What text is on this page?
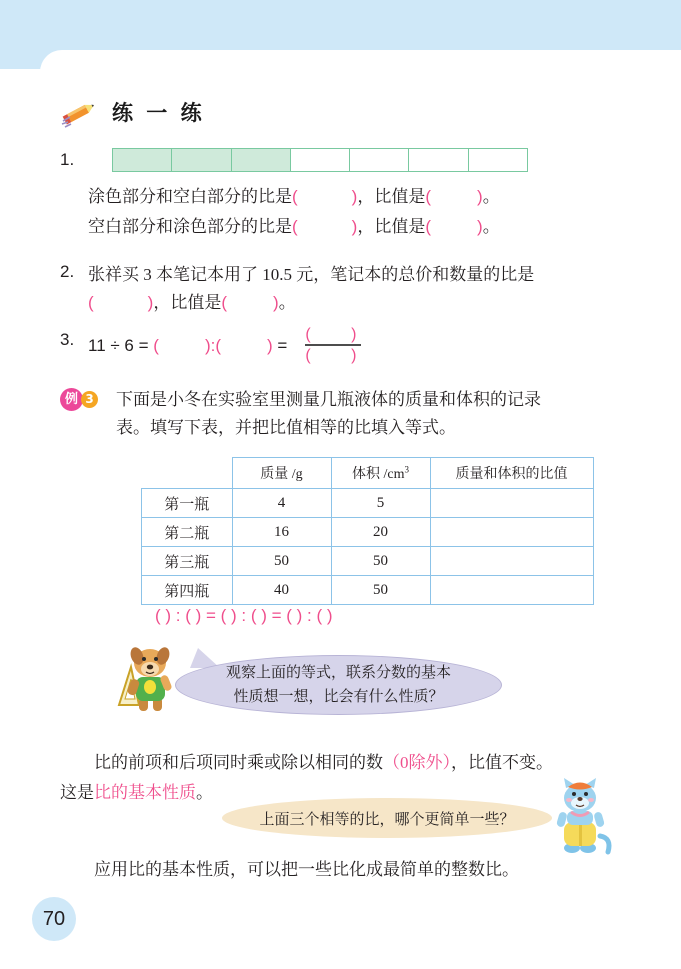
练 一 练
1.
涂色部分和空白部分的比是(	)，比值是(	)。
空白部分和涂色部分的比是(	)，比值是(	)。
2. 张祥买 3 本笔记本用了 10.5 元，笔记本的总价和数量的比是
(	)，比值是(	)。
3. 11 ÷ 6 = (	):(	) = $\frac{( )}{( )}$
例 3 下面是小冬在实验室里测量几瓶液体的质量和体积的记录
表。填写下表，并把比值相等的比填入等式。
	质量 /g	体积 $/cm^3$	质量和体积的比值
第一瓶	4	5	
第二瓶	16	20	
第三瓶	50	50	
第四瓶	40	50	
( ) : ( ) = ( ) : ( ) = ( ) : ( )

观察上面的等式，联系分数的基本
性质想一想，比会有什么性质？

比的前项和后项同时乘或除以相同的数（0除外），比值不变。
这是比的基本性质。

上面三个相等的比，哪个更简单一些？

应用比的基本性质，可以把一些比化成最简单的整数比。
70
